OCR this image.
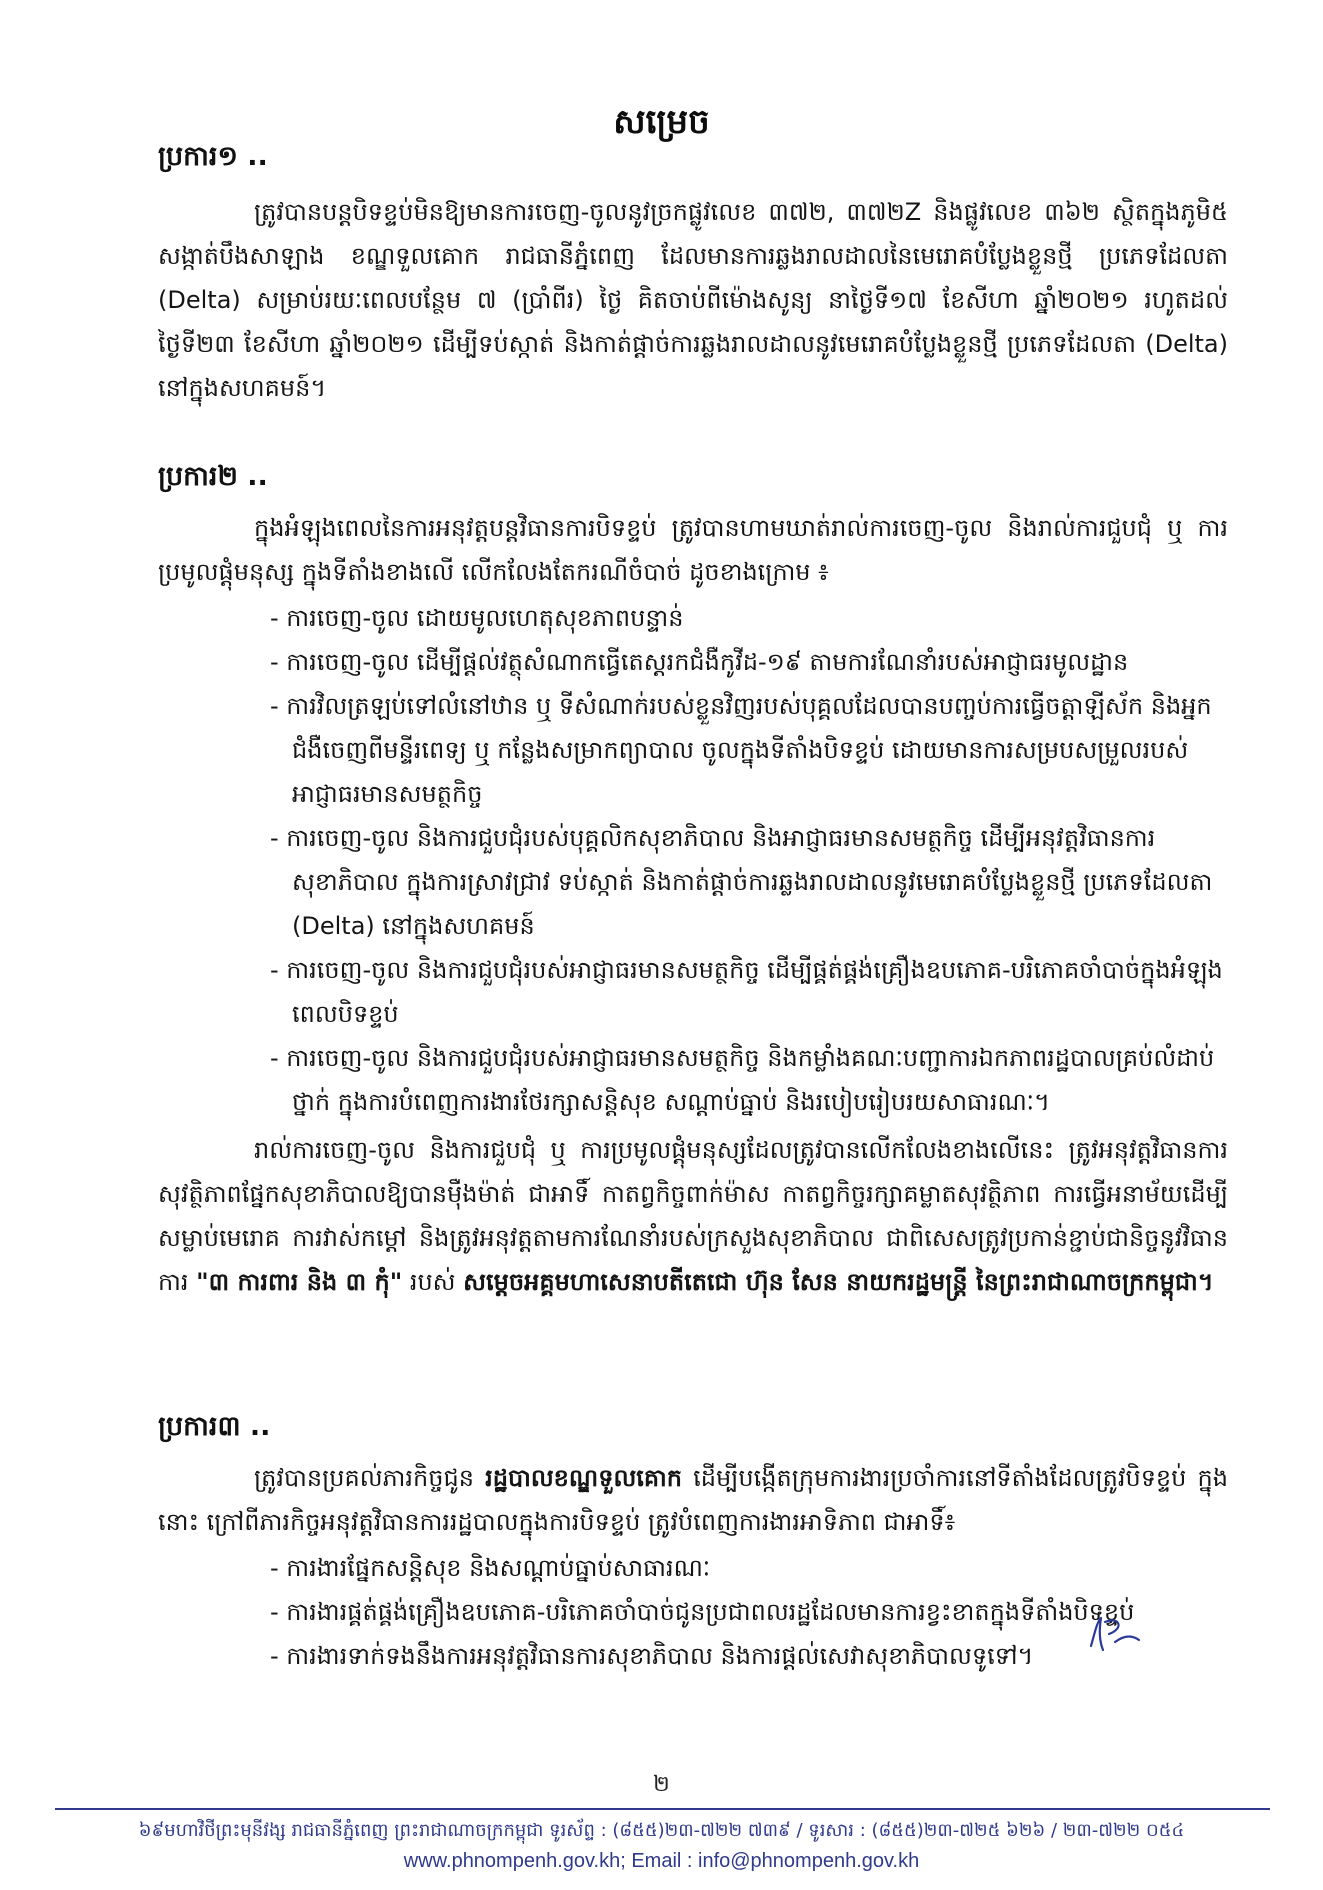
សម្រេច
ប្រការ១ ..
ត្រូវបានបន្តបិទខ្ទប់មិនឱ្យមានការចេញ-ចូលនូវច្រកផ្លូវលេខ ៣៧២, ៣៧២Z និងផ្លូវលេខ ៣៦២ ស្ថិតក្នុងភូមិ៥ សង្កាត់បឹងសាឡាង ខណ្ឌទួលគោក រាជធានីភ្នំពេញ ដែលមានការឆ្លងរាលដាលនៃមេរោគបំប្លែងខ្លួនថ្មី ប្រភេទដែលតា (Delta) សម្រាប់រយៈពេលបន្ថែម ៧ (ប្រាំពីរ) ថ្ងៃ គិតចាប់ពីម៉ោងសូន្យ នាថ្ងៃទី១៧ ខែសីហា ឆ្នាំ២០២១ រហូតដល់ថ្ងៃទី២៣ ខែសីហា ឆ្នាំ២០២១ ដើម្បីទប់ស្កាត់ និងកាត់ផ្តាច់ការឆ្លងរាលដាលនូវមេរោគបំប្លែងខ្លួនថ្មី ប្រភេទដែលតា (Delta) នៅក្នុងសហគមន៍។
ប្រការ២ ..
ក្នុងអំឡុងពេលនៃការអនុវត្តបន្តវិធានការបិទខ្ទប់ ត្រូវបានហាមឃាត់រាល់ការចេញ-ចូល និងរាល់ការជួបជុំ ឬ ការប្រមូលផ្តុំមនុស្ស ក្នុងទីតាំងខាងលើ លើកលែងតែករណីចំបាច់ ដូចខាងក្រោម ៖
- ការចេញ-ចូល ដោយមូលហេតុសុខភាពបន្ទាន់
- ការចេញ-ចូល ដើម្បីផ្តល់វត្ថុសំណាកធ្វើតេស្តរកជំងឺកូវីដ-១៩ តាមការណែនាំរបស់អាជ្ញាធរមូលដ្ឋាន
- ការវិលត្រឡប់ទៅលំនៅឋាន ឬ ទីសំណាក់របស់ខ្លួនវិញរបស់បុគ្គលដែលបានបញ្ចប់ការធ្វើចត្តាឡីស័ក និងអ្នកជំងឺចេញពីមន្ទីរពេទ្យ ឬ កន្លែងសម្រាកព្យាបាល ចូលក្នុងទីតាំងបិទខ្ទប់ ដោយមានការសម្របសម្រួលរបស់អាជ្ញាធរមានសមត្ថកិច្ច
- ការចេញ-ចូល និងការជួបជុំរបស់បុគ្គលិកសុខាភិបាល និងអាជ្ញាធរមានសមត្ថកិច្ច ដើម្បីអនុវត្តវិធានការសុខាភិបាល ក្នុងការស្រាវជ្រាវ ទប់ស្កាត់ និងកាត់ផ្តាច់ការឆ្លងរាលដាលនូវមេរោគបំប្លែងខ្លួនថ្មី ប្រភេទដែលតា (Delta) នៅក្នុងសហគមន៍
- ការចេញ-ចូល និងការជួបជុំរបស់អាជ្ញាធរមានសមត្ថកិច្ច ដើម្បីផ្គត់ផ្គង់គ្រឿងឧបភោគ-បរិភោគចាំបាច់ក្នុងអំឡុងពេលបិទខ្ទប់
- ការចេញ-ចូល និងការជួបជុំរបស់អាជ្ញាធរមានសមត្ថកិច្ច និងកម្លាំងគណៈបញ្ជាការឯកភាពរដ្ឋបាលគ្រប់លំដាប់ថ្នាក់ ក្នុងការបំពេញការងារថែរក្សាសន្តិសុខ សណ្តាប់ធ្នាប់ និងរបៀបរៀបរយសាធារណៈ។
រាល់ការចេញ-ចូល និងការជួបជុំ ឬ ការប្រមូលផ្តុំមនុស្សដែលត្រូវបានលើកលែងខាងលើនេះ ត្រូវអនុវត្តវិធានការសុវត្ថិភាពផ្នែកសុខាភិបាលឱ្យបានម៉ឺងម៉ាត់ ជាអាទិ៍ កាតព្វកិច្ចពាក់ម៉ាស កាតព្វកិច្ចរក្សាគម្លាតសុវត្ថិភាព ការធ្វើអនាម័យដើម្បីសម្លាប់មេរោគ ការវាស់កម្ដៅ និងត្រូវអនុវត្តតាមការណែនាំរបស់ក្រសួងសុខាភិបាល ជាពិសេសត្រូវប្រកាន់ខ្ជាប់ជានិច្ចនូវវិធានការ "៣ ការពារ និង ៣ កុំ" របស់ សម្ដេចអគ្គមហាសេនាបតីតេជោ ហ៊ុន សែន នាយករដ្ឋមន្ត្រី នៃព្រះរាជាណាចក្រកម្ពុជា។
ប្រការ៣ ..
ត្រូវបានប្រគល់ភារកិច្ចជូន រដ្ឋបាលខណ្ឌទួលគោក ដើម្បីបង្កើតក្រុមការងារប្រចាំការនៅទីតាំងដែលត្រូវបិទខ្ទប់ ក្នុងនោះ ក្រៅពីភារកិច្ចអនុវត្តវិធានការរដ្ឋបាលក្នុងការបិទខ្ទប់ ត្រូវបំពេញការងារអាទិភាព ជាអាទិ៍៖
- ការងារផ្នែកសន្តិសុខ និងសណ្តាប់ធ្នាប់សាធារណៈ
- ការងារផ្គត់ផ្គង់គ្រឿងឧបភោគ-បរិភោគចាំបាច់ជូនប្រជាពលរដ្ឋដែលមានការខ្វះខាតក្នុងទីតាំងបិទខ្ទប់
- ការងារទាក់ទងនឹងការអនុវត្តវិធានការសុខាភិបាល និងការផ្តល់សេវាសុខាភិបាលទូទៅ។
២
៦៩មហាវិថីព្រះមុនីវង្ស រាជធានីភ្នំពេញ ព្រះរាជាណាចក្រកម្ពុជា ទូរស័ព្ទ : (៨៥៥)២៣-៧២២ ៧៣៩ / ទូរសារ : (៨៥៥)២៣-៧២៥ ៦២៦ / ២៣-៧២២ ០៥៤
www.phnompenh.gov.kh; Email : info@phnompenh.gov.kh
